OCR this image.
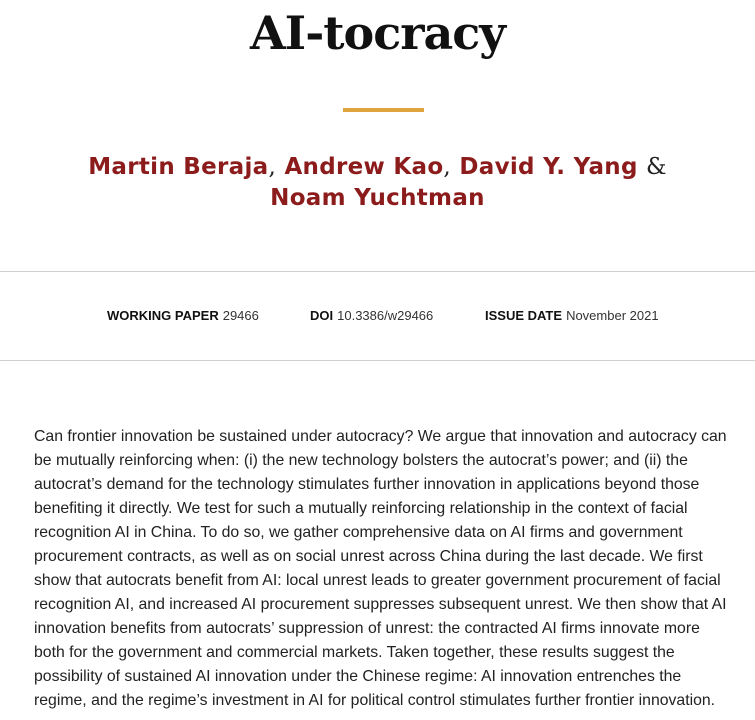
AI-tocracy
Martin Beraja, Andrew Kao, David Y. Yang & Noam Yuchtman
WORKING PAPER 29466	DOI 10.3386/w29466	ISSUE DATE November 2021

Can frontier innovation be sustained under autocracy? We argue that innovation and autocracy can be mutually reinforcing when: (i) the new technology bolsters the autocrat’s power; and (ii) the autocrat’s demand for the technology stimulates further innovation in applications beyond those benefiting it directly. We test for such a mutually reinforcing relationship in the context of facial recognition AI in China. To do so, we gather comprehensive data on AI firms and government procurement contracts, as well as on social unrest across China during the last decade. We first show that autocrats benefit from AI: local unrest leads to greater government procurement of facial recognition AI, and increased AI procurement suppresses subsequent unrest. We then show that AI innovation benefits from autocrats’ suppression of unrest: the contracted AI firms innovate more both for the government and commercial markets. Taken together, these results suggest the possibility of sustained AI innovation under the Chinese regime: AI innovation entrenches the regime, and the regime’s investment in AI for political control stimulates further frontier innovation.
